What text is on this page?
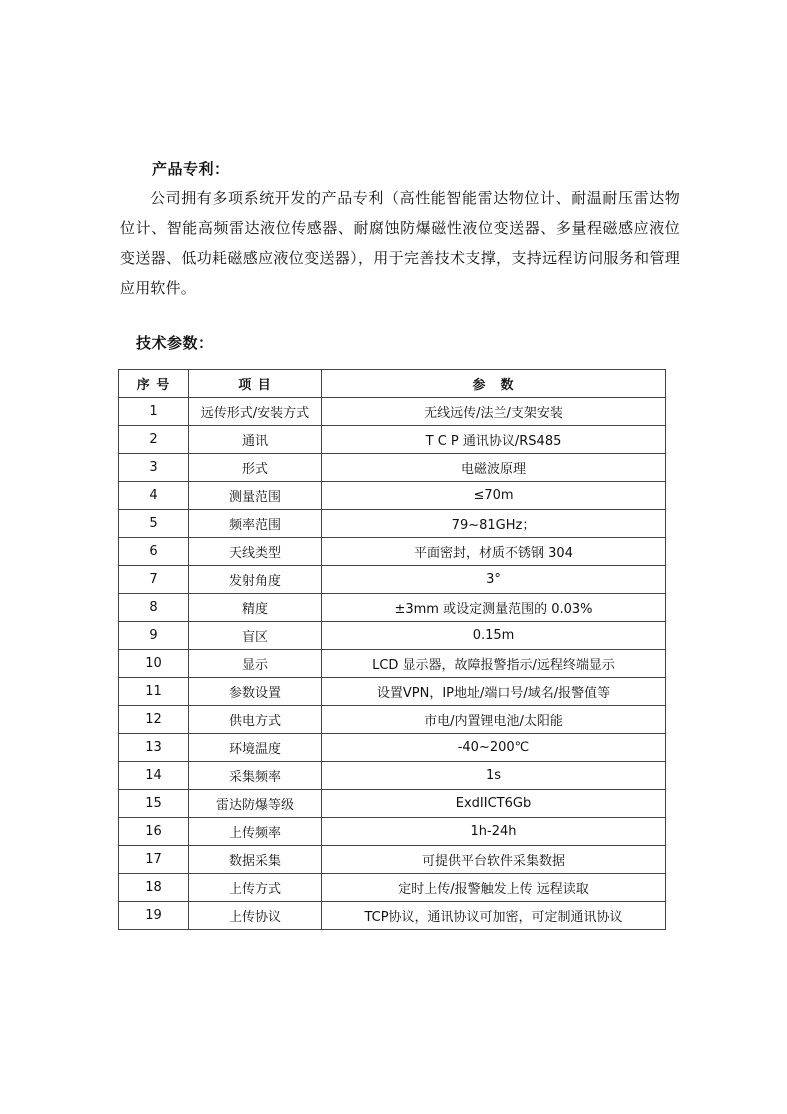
产品专利：
公司拥有多项系统开发的产品专利（高性能智能雷达物位计、耐温耐压雷达物位计、智能高频雷达液位传感器、耐腐蚀防爆磁性液位变送器、多量程磁感应液位变送器、低功耗磁感应液位变送器），用于完善技术支撑，支持远程访问服务和管理应用软件。
技术参数：
序 号	项 目	参　数
1	远传形式/安装方式	无线远传/法兰/支架安装
2	通讯	T C P 通讯协议/RS485
3	形式	电磁波原理
4	测量范围	≤70m
5	频率范围	79~81GHz；
6	天线类型	平面密封，材质不锈钢 304
7	发射角度	3°
8	精度	±3mm 或设定测量范围的 0.03%
9	盲区	0.15m
10	显示	LCD 显示器，故障报警指示/远程终端显示
11	参数设置	设置VPN，IP地址/端口号/域名/报警值等
12	供电方式	市电/内置锂电池/太阳能
13	环境温度	-40~200℃
14	采集频率	1s
15	雷达防爆等级	ExdIICT6Gb
16	上传频率	1h-24h
17	数据采集	可提供平台软件采集数据
18	上传方式	定时上传/报警触发上传 远程读取
19	上传协议	TCP协议，通讯协议可加密，可定制通讯协议
